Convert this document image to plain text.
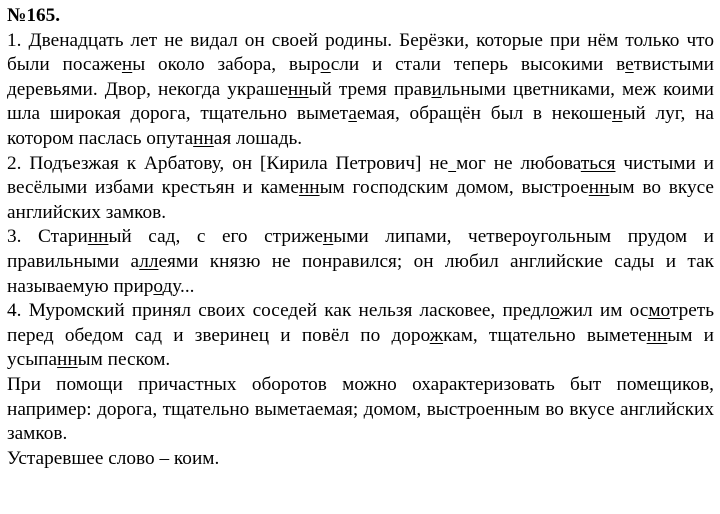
№165.

1. Двенадцать лет не видал он своей родины. Берёзки, которые при нём только что были посажены около забора, выросли и стали теперь высокими ветвистыми деревьями. Двор, некогда украшенный тремя правильными цветниками, меж коими шла широкая дорога, тщательно выметаемая, обращён был в некошеный луг, на котором паслась опутанная лошадь.

2. Подъезжая к Арбатову, он [Кирила Петрович] не мог не любоваться чистыми и весёлыми избами крестьян и каменным господским домом, выстроенным во вкусе английских замков.

3. Старинный сад, с его стрижеными липами, четвероугольным прудом и правильными аллеями князю не понравился; он любил английские сады и так называемую природу...

4. Муромский принял своих соседей как нельзя ласковее, предложил им осмотреть перед обедом сад и зверинец и повёл по дорожкам, тщательно выметенным и усыпанным песком.

При помощи причастных оборотов можно охарактеризовать быт помещиков, например: дорога, тщательно выметаемая; домом, выстроенным во вкусе английских замков.

Устаревшее слово – коим.
